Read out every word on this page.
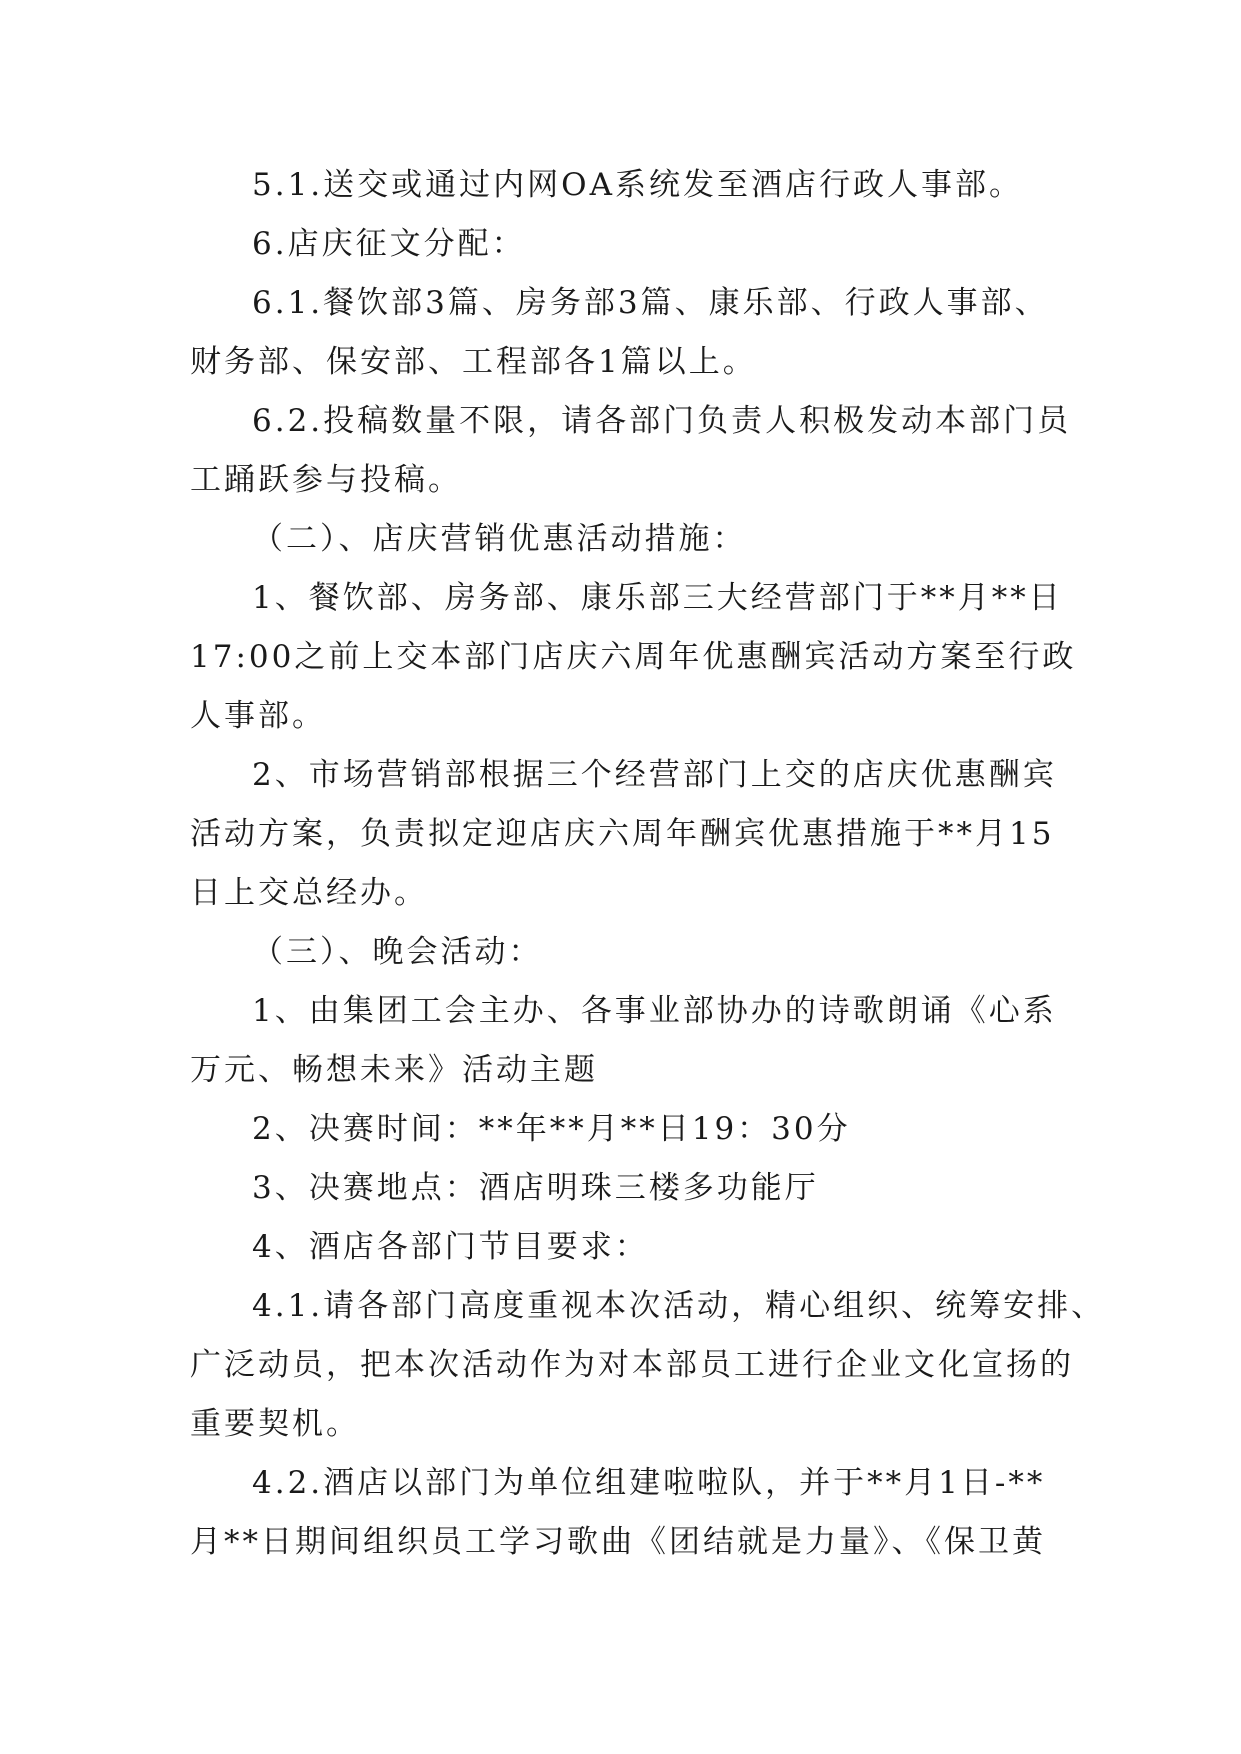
5.1.送交或通过内网OA系统发至酒店行政人事部。
6.店庆征文分配：
6.1.餐饮部3篇、房务部3篇、康乐部、行政人事部、
财务部、保安部、工程部各1篇以上。
6.2.投稿数量不限，请各部门负责人积极发动本部门员
工踊跃参与投稿。
（二）、店庆营销优惠活动措施：
1、餐饮部、房务部、康乐部三大经营部门于**月**日
17:00之前上交本部门店庆六周年优惠酬宾活动方案至行政
人事部。
2、市场营销部根据三个经营部门上交的店庆优惠酬宾
活动方案，负责拟定迎店庆六周年酬宾优惠措施于**月15
日上交总经办。
（三）、晚会活动：
1、由集团工会主办、各事业部协办的诗歌朗诵《心系
万元、畅想未来》活动主题
2、决赛时间：**年**月**日19：30分
3、决赛地点：酒店明珠三楼多功能厅
4、酒店各部门节目要求：
4.1.请各部门高度重视本次活动，精心组织、统筹安排、
广泛动员，把本次活动作为对本部员工进行企业文化宣扬的
重要契机。
4.2.酒店以部门为单位组建啦啦队，并于**月1日-**
月**日期间组织员工学习歌曲《团结就是力量》、《保卫黄
